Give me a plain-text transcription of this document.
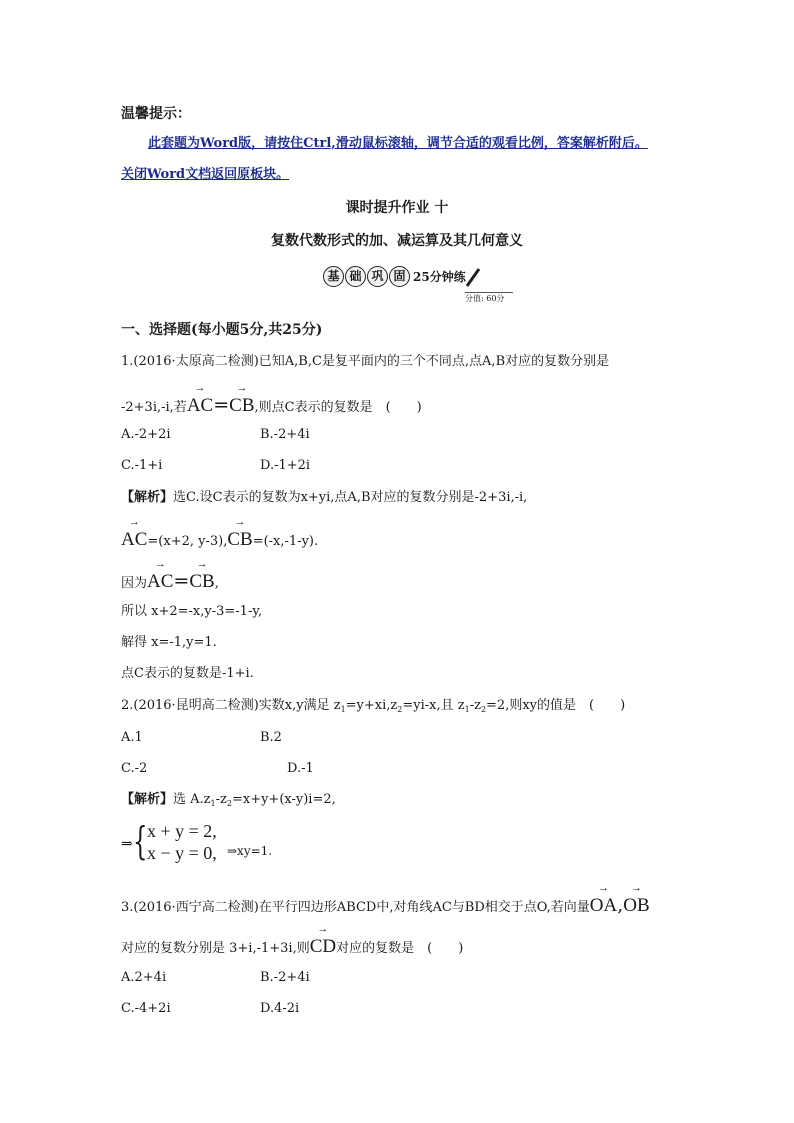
温馨提示：
此套题为Word版，请按住Ctrl,滑动鼠标滚轴，调节合适的观看比例，答案解析附后。
关闭Word文档返回原板块。
课时提升作业 十
复数代数形式的加、减运算及其几何意义
基 础 巩 固 25分钟练
分值: 60分
一、选择题(每小题5分,共25分)
1.(2016·太原高二检测)已知A,B,C是复平面内的三个不同点,点A,B对应的复数分别是
-2+3i,-i,若→ AC=→ CB,则点C表示的复数是　(　　)
A.-2+2i	B.-2+4i
C.-1+i	D.-1+2i
【解析】选C.设C表示的复数为x+yi,点A,B对应的复数分别是-2+3i,-i,
→ AC=(x+2, y-3),→ CB=(-x,-1-y).
因为→ AC=→ CB,
所以 x+2=-x,y-3=-1-y,
解得 x=-1,y=1.
点C表示的复数是-1+i.
2.(2016·昆明高二检测)实数x,y满足 $z_1=y+xi,z_2=yi-x$,且 $z_1-z_2=2$,则xy的值是　(　　)
A.1	B.2
C.-2	D.-1
【解析】选 $A.z_1-z_2=x+y+(x-y)i=2$,
⇒ { x + y = 2,
x − y = 0, ⇒xy=1.
3.(2016·西宁高二检测)在平行四边形ABCD中,对角线AC与BD相交于点O,若向量→ OA,→ OB
对应的复数分别是 3+i,-1+3i,则→ CD对应的复数是　(　　)
A.2+4i	B.-2+4i
C.-4+2i	D.4-2i
